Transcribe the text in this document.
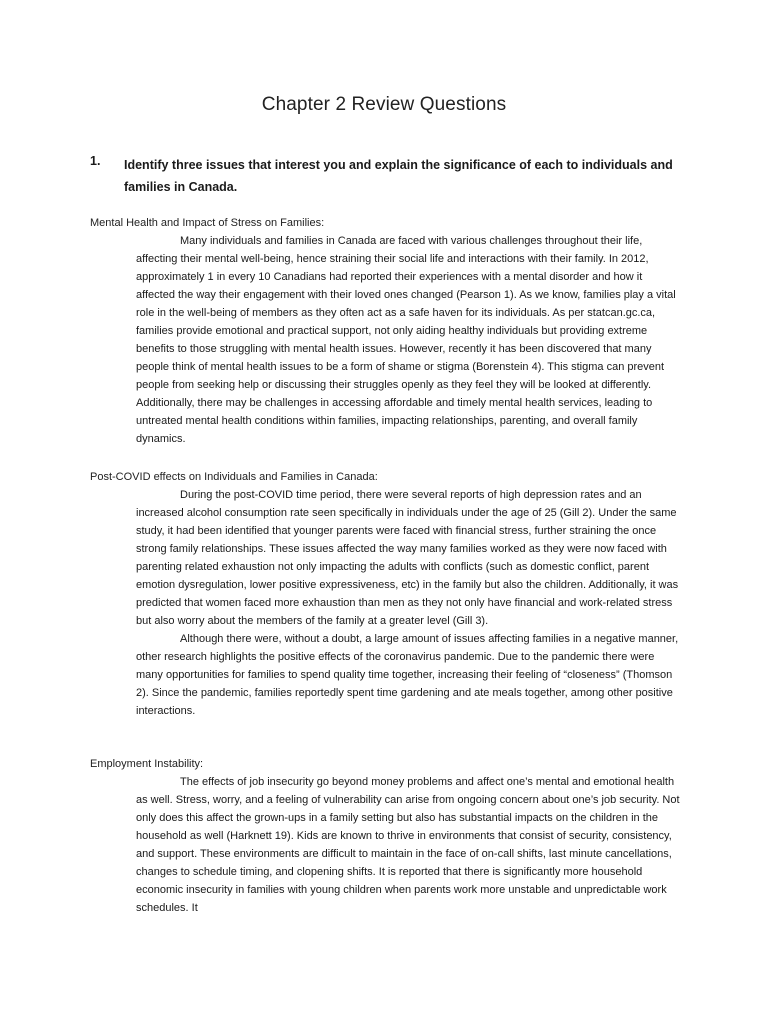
Chapter 2 Review Questions
1. Identify three issues that interest you and explain the significance of each to individuals and families in Canada.
Mental Health and Impact of Stress on Families:
Many individuals and families in Canada are faced with various challenges throughout their life, affecting their mental well-being, hence straining their social life and interactions with their family. In 2012, approximately 1 in every 10 Canadians had reported their experiences with a mental disorder and how it affected the way their engagement with their loved ones changed (Pearson 1). As we know, families play a vital role in the well-being of members as they often act as a safe haven for its individuals. As per statcan.gc.ca, families provide emotional and practical support, not only aiding healthy individuals but providing extreme benefits to those struggling with mental health issues. However, recently it has been discovered that many people think of mental health issues to be a form of shame or stigma (Borenstein 4). This stigma can prevent people from seeking help or discussing their struggles openly as they feel they will be looked at differently. Additionally, there may be challenges in accessing affordable and timely mental health services, leading to untreated mental health conditions within families, impacting relationships, parenting, and overall family dynamics.
Post-COVID effects on Individuals and Families in Canada:
During the post-COVID time period, there were several reports of high depression rates and an increased alcohol consumption rate seen specifically in individuals under the age of 25 (Gill 2). Under the same study, it had been identified that younger parents were faced with financial stress, further straining the once strong family relationships. These issues affected the way many families worked as they were now faced with parenting related exhaustion not only impacting the adults with conflicts (such as domestic conflict, parent emotion dysregulation, lower positive expressiveness, etc) in the family but also the children. Additionally, it was predicted that women faced more exhaustion than men as they not only have financial and work-related stress but also worry about the members of the family at a greater level (Gill 3).
Although there were, without a doubt, a large amount of issues affecting families in a negative manner, other research highlights the positive effects of the coronavirus pandemic. Due to the pandemic there were many opportunities for families to spend quality time together, increasing their feeling of “closeness” (Thomson 2). Since the pandemic, families reportedly spent time gardening and ate meals together, among other positive interactions.
Employment Instability:
The effects of job insecurity go beyond money problems and affect one’s mental and emotional health as well. Stress, worry, and a feeling of vulnerability can arise from ongoing concern about one’s job security. Not only does this affect the grown-ups in a family setting but also has substantial impacts on the children in the household as well (Harknett 19). Kids are known to thrive in environments that consist of security, consistency, and support. These environments are difficult to maintain in the face of on-call shifts, last minute cancellations, changes to schedule timing, and clopening shifts. It is reported that there is significantly more household economic insecurity in families with young children when parents work more unstable and unpredictable work schedules. It
